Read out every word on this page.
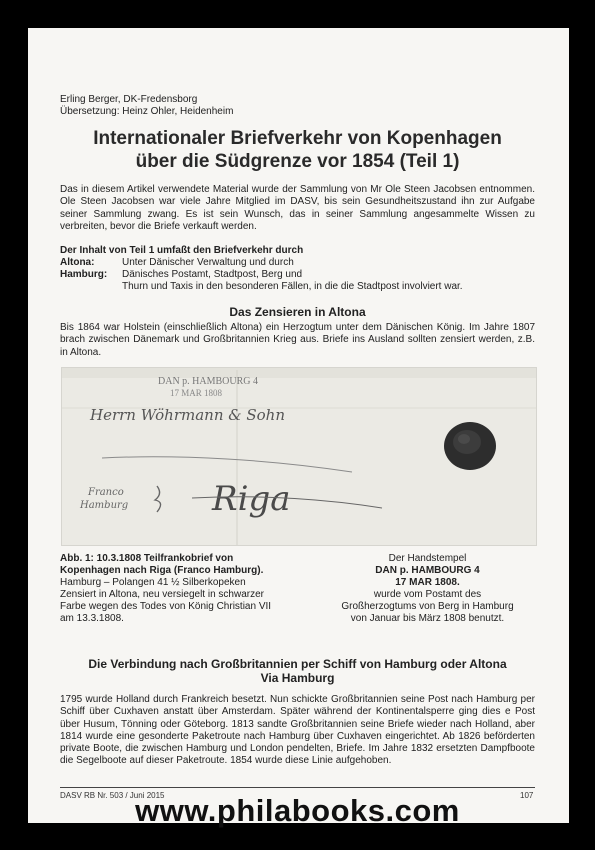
Erling Berger, DK-Fredensborg
Übersetzung: Heinz Ohler, Heidenheim
Internationaler Briefverkehr von Kopenhagen
über die Südgrenze vor 1854 (Teil 1)

Das in diesem Artikel verwendete Material wurde der Sammlung von Mr Ole Steen Jacobsen entnommen. Ole Steen Jacobsen war viele Jahre Mitglied im DASV, bis sein Gesundheitszustand ihn zur Aufgabe seiner Sammlung zwang. Es ist sein Wunsch, das in seiner Sammlung angesammelte Wissen zu verbreiten, bevor die Briefe verkauft werden.

Der Inhalt von Teil 1 umfaßt den Briefverkehr durch
Altona:	Unter Dänischer Verwaltung und durch
Hamburg:	Dänisches Postamt, Stadtpost, Berg und
Thurn und Taxis in den besonderen Fällen, in die die Stadtpost involviert war.
Das Zensieren in Altona

Bis 1864 war Holstein (einschließlich Altona) ein Herzogtum unter dem Dänischen König. Im Jahre 1807 brach zwischen Dänemark und Großbritannien Krieg aus. Briefe ins Ausland sollten zensiert werden, z.B. in Altona.

DAN p. HAMBOURG 4
17 MAR 1808
Herrn Wöhrmann & Sohn
Riga
Franco
Hamburg
Abb. 1: 10.3.1808 Teilfrankobrief von
Kopenhagen nach Riga (Franco Hamburg).
Hamburg – Polangen 41 ½ Silberkopeken
Zensiert in Altona, neu versiegelt in schwarzer
Farbe wegen des Todes von König Christian VII
am 13.3.1808.
Der Handstempel
DAN p. HAMBOURG 4
17 MAR 1808.
wurde vom Postamt des
Großherzogtums von Berg in Hamburg
von Januar bis März 1808 benutzt.
Die Verbindung nach Großbritannien per Schiff von Hamburg oder Altona
Via Hamburg

1795 wurde Holland durch Frankreich besetzt. Nun schickte Großbritannien seine Post nach Hamburg per Schiff über Cuxhaven anstatt über Amsterdam. Später während der Kontinentalsperre ging dies e Post über Husum, Tönning oder Göteborg. 1813 sandte Großbritannien seine Briefe wieder nach Holland, aber 1814 wurde eine gesonderte Paketroute nach Hamburg über Cuxhaven eingerichtet. Ab 1826 beförderten private Boote, die zwischen Hamburg und London pendelten, Briefe. Im Jahre 1832 ersetzten Dampfboote die Segelboote auf dieser Paketroute. 1854 wurde diese Linie aufgehoben.

DASV RB Nr. 503 / Juni 2015	107
www.philabooks.com
